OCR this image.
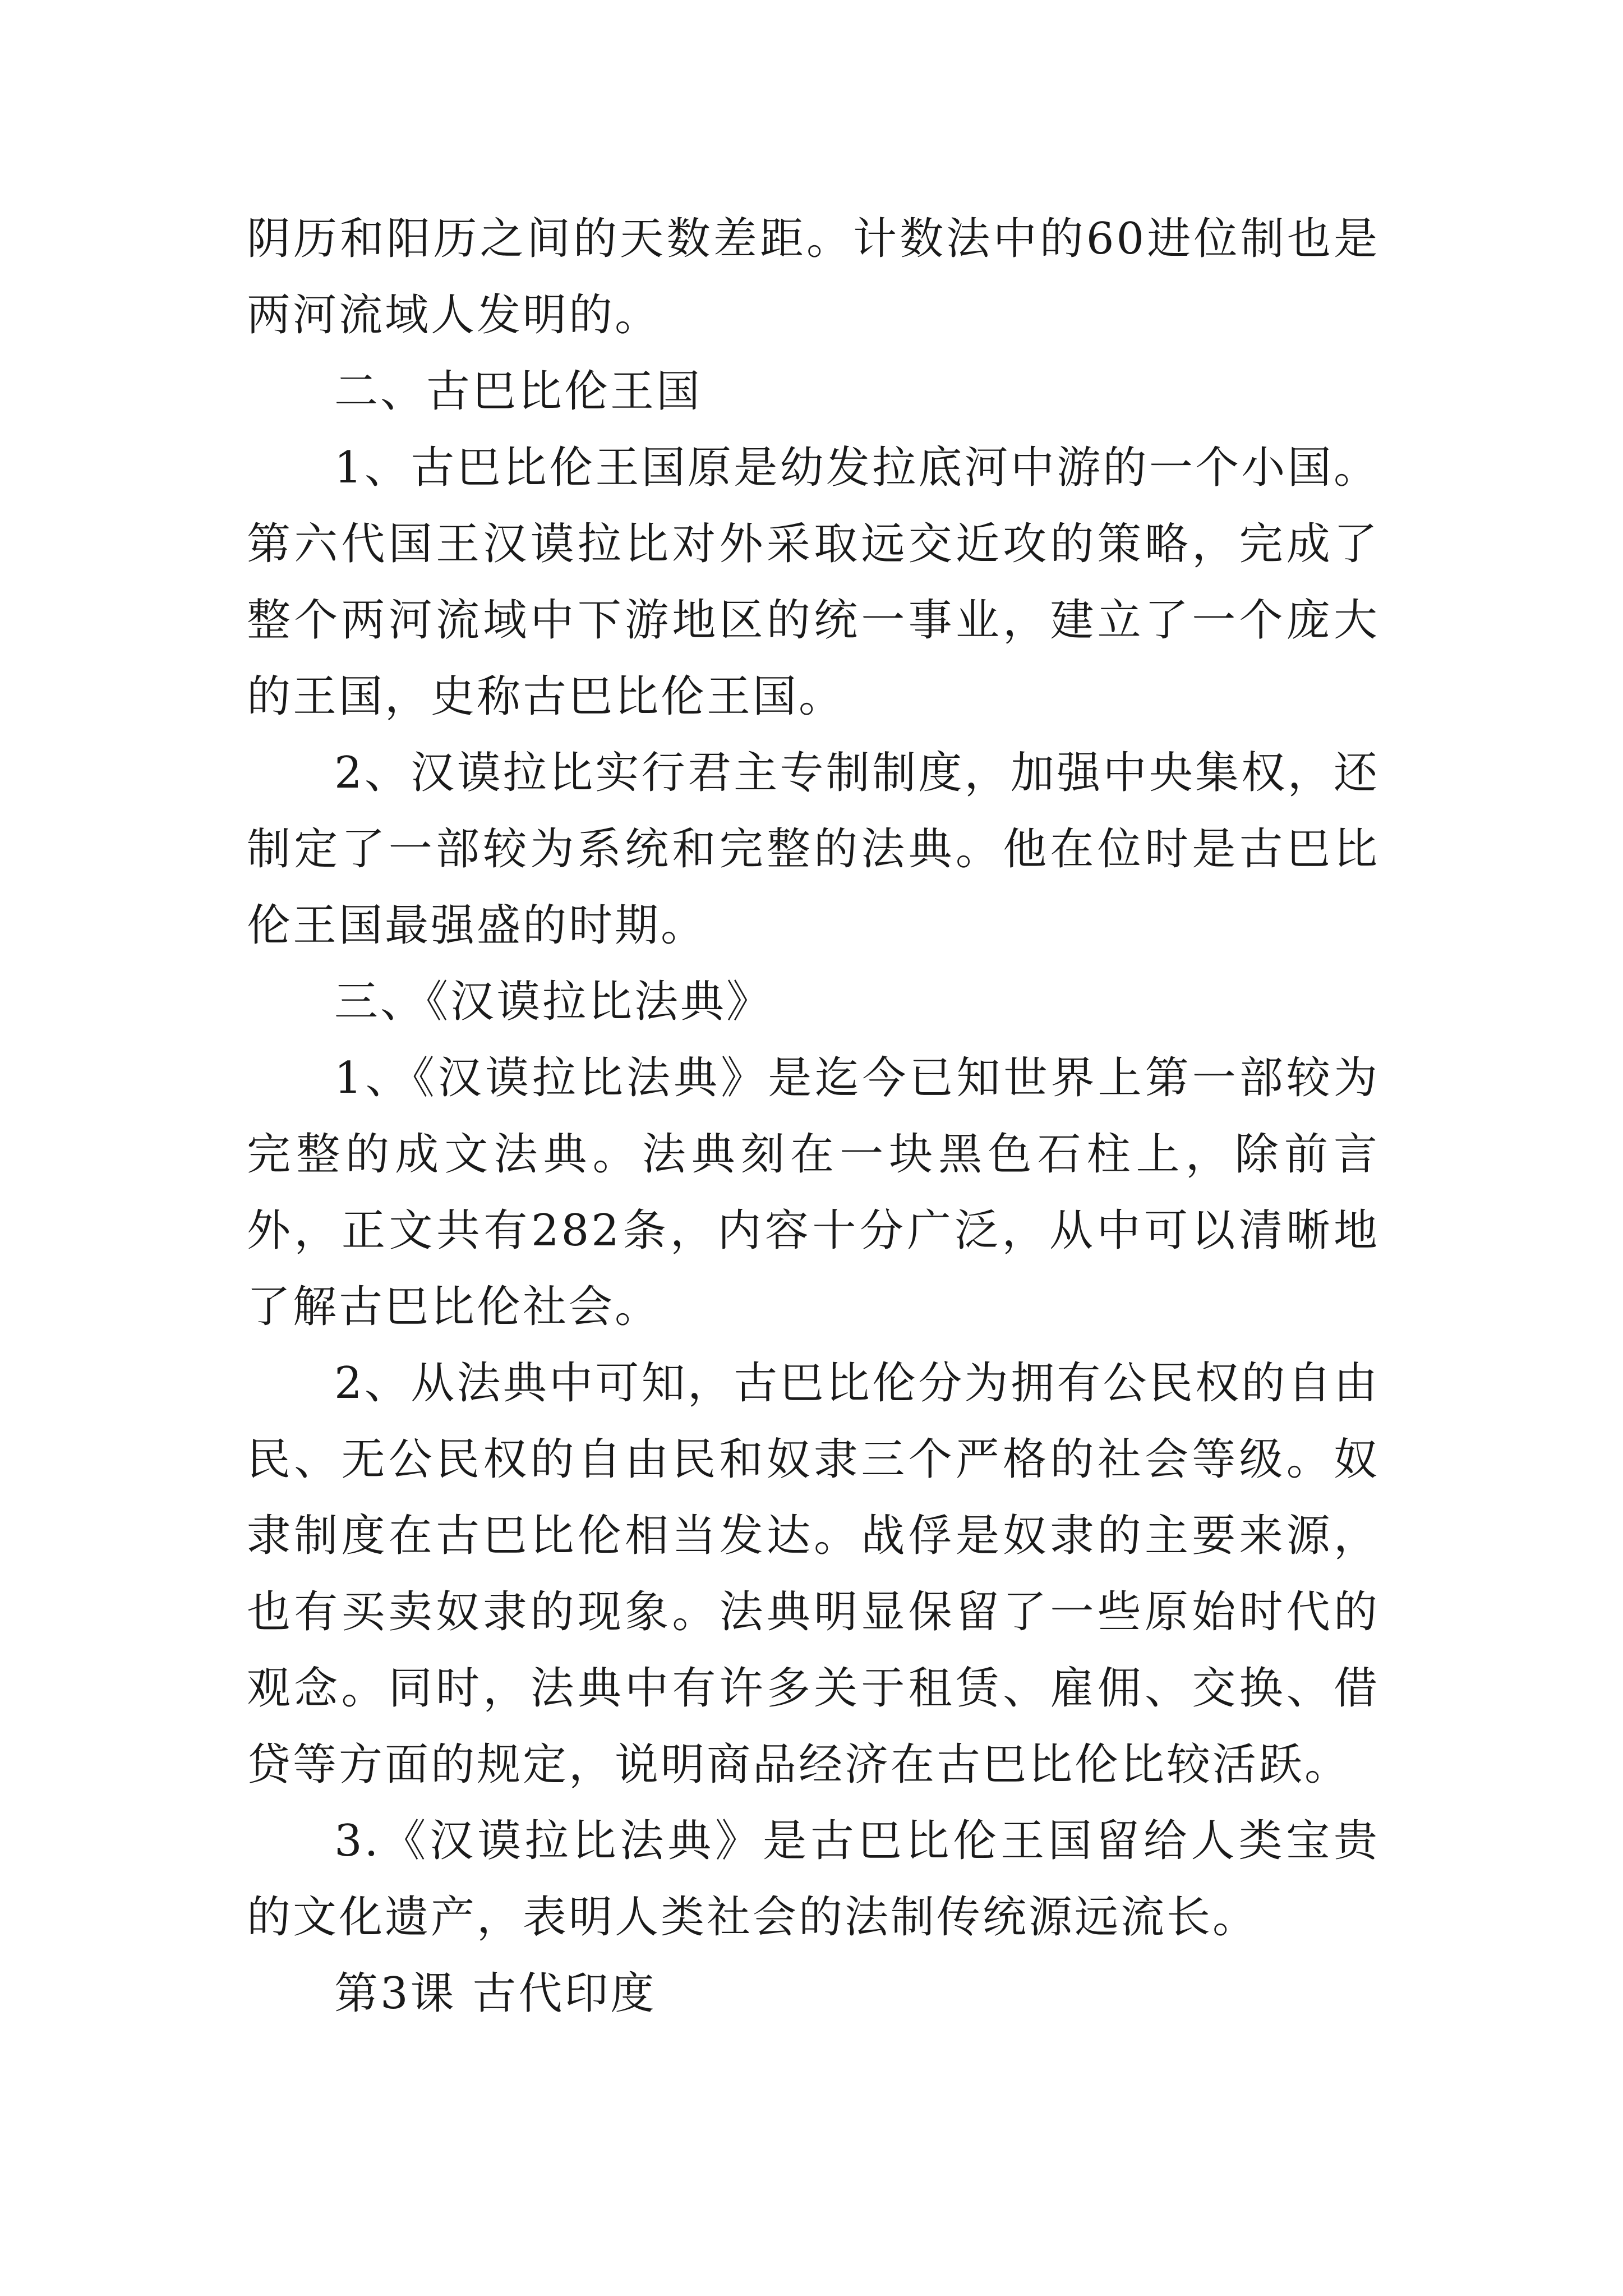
阴历和阳历之间的天数差距。计数法中的60进位制也是两河流域人发明的。

二、古巴比伦王国

1、古巴比伦王国原是幼发拉底河中游的一个小国。第六代国王汉谟拉比对外采取远交近攻的策略，完成了整个两河流域中下游地区的统一事业，建立了一个庞大的王国，史称古巴比伦王国。

2、汉谟拉比实行君主专制制度，加强中央集权，还制定了一部较为系统和完整的法典。他在位时是古巴比伦王国最强盛的时期。

三、《汉谟拉比法典》

1、《汉谟拉比法典》是迄今已知世界上第一部较为完整的成文法典。法典刻在一块黑色石柱上，除前言外，正文共有282条，内容十分广泛，从中可以清晰地了解古巴比伦社会。

2、从法典中可知，古巴比伦分为拥有公民权的自由民、无公民权的自由民和奴隶三个严格的社会等级。奴隶制度在古巴比伦相当发达。战俘是奴隶的主要来源，也有买卖奴隶的现象。法典明显保留了一些原始时代的观念。同时，法典中有许多关于租赁、雇佣、交换、借贷等方面的规定，说明商品经济在古巴比伦比较活跃。

3.《汉谟拉比法典》是古巴比伦王国留给人类宝贵的文化遗产，表明人类社会的法制传统源远流长。

第3课 古代印度
